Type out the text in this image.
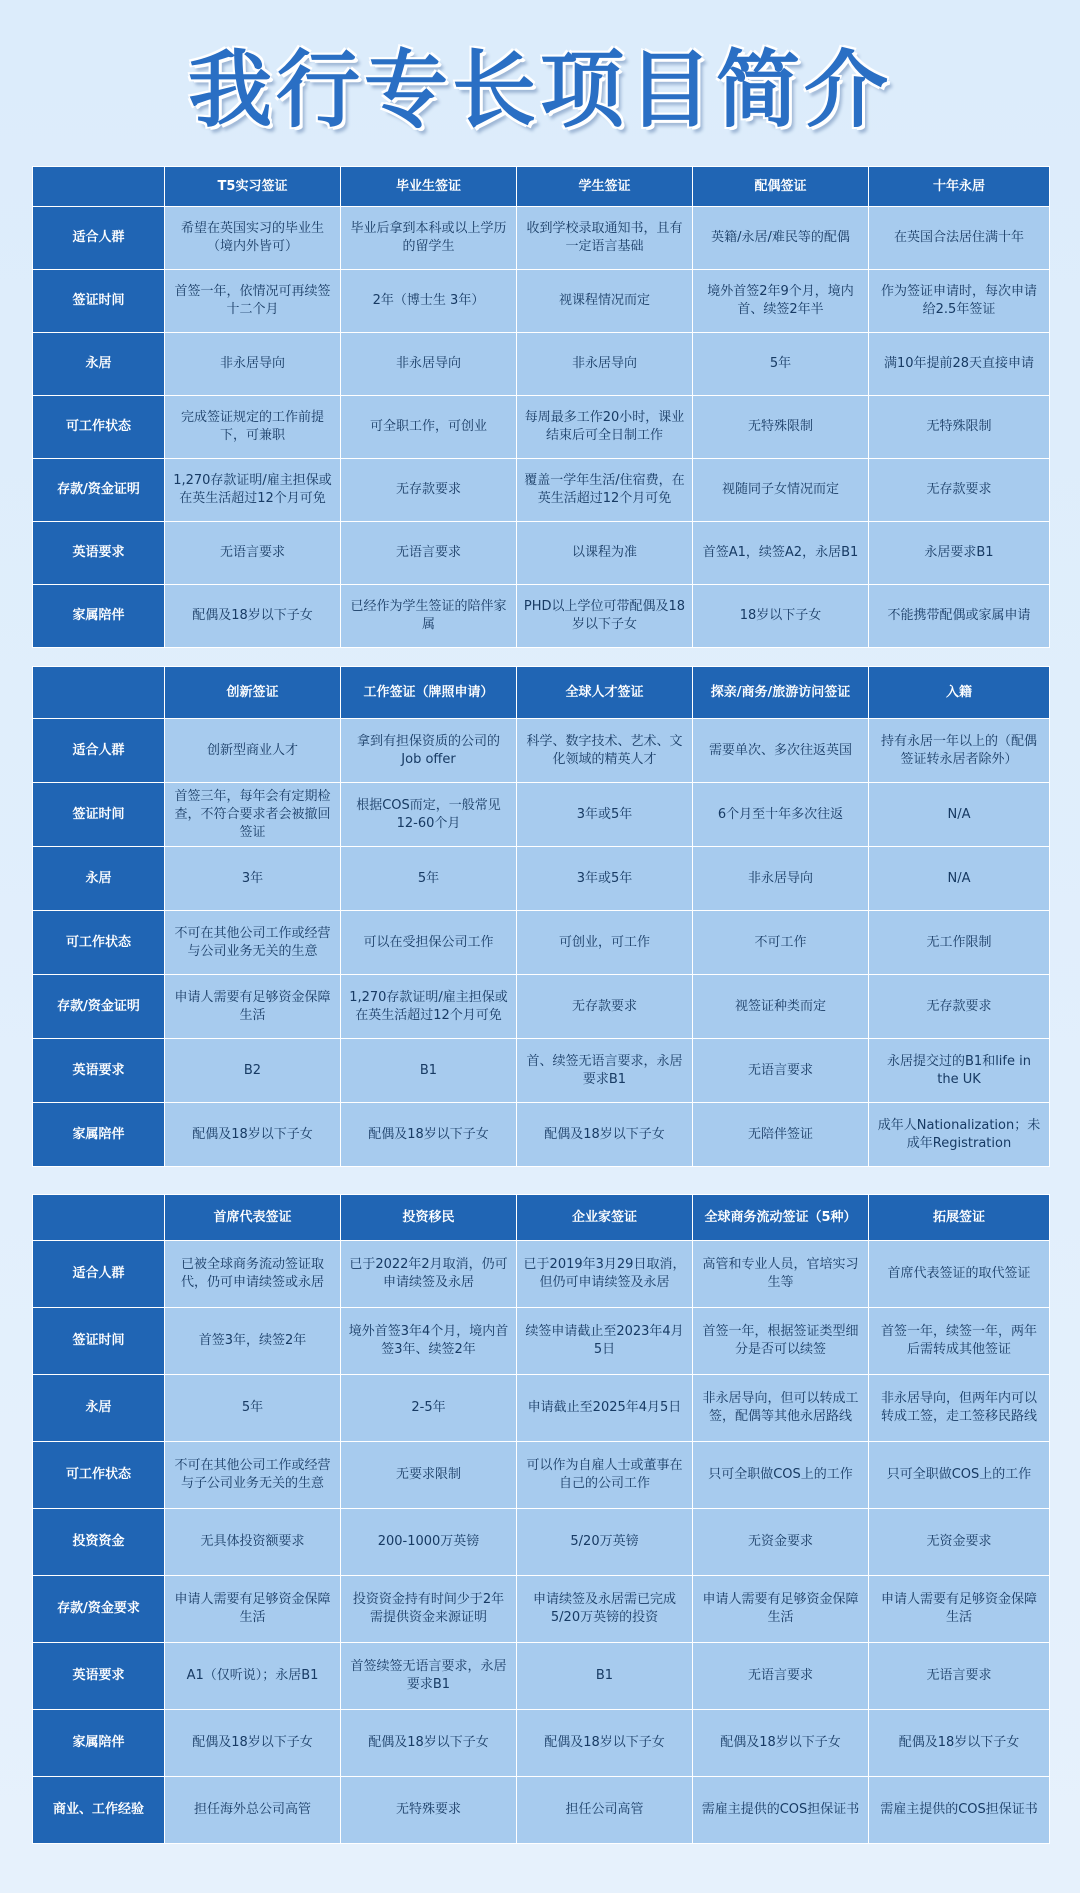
我行专长项目简介
	T5实习签证	毕业生签证	学生签证	配偶签证	十年永居
适合人群	希望在英国实习的毕业生（境内外皆可）	毕业后拿到本科或以上学历的留学生	收到学校录取通知书，且有一定语言基础	英籍/永居/难民等的配偶	在英国合法居住满十年
签证时间	首签一年，依情况可再续签十二个月	2年（博士生 3年）	视课程情况而定	境外首签2年9个月，境内首、续签2年半	作为签证申请时，每次申请给2.5年签证
永居	非永居导向	非永居导向	非永居导向	5年	满10年提前28天直接申请
可工作状态	完成签证规定的工作前提下，可兼职	可全职工作，可创业	每周最多工作20小时，课业结束后可全日制工作	无特殊限制	无特殊限制
存款/资金证明	1,270存款证明/雇主担保或在英生活超过12个月可免	无存款要求	覆盖一学年生活/住宿费，在英生活超过12个月可免	视随同子女情况而定	无存款要求
英语要求	无语言要求	无语言要求	以课程为准	首签A1，续签A2，永居B1	永居要求B1
家属陪伴	配偶及18岁以下子女	已经作为学生签证的陪伴家属	PHD以上学位可带配偶及18岁以下子女	18岁以下子女	不能携带配偶或家属申请
	创新签证	工作签证（牌照申请）	全球人才签证	探亲/商务/旅游访问签证	入籍
适合人群	创新型商业人才	拿到有担保资质的公司的Job offer	科学、数字技术、艺术、文化领域的精英人才	需要单次、多次往返英国	持有永居一年以上的（配偶签证转永居者除外）
签证时间	首签三年，每年会有定期检查，不符合要求者会被撤回签证	根据COS而定，一般常见12-60个月	3年或5年	6个月至十年多次往返	N/A
永居	3年	5年	3年或5年	非永居导向	N/A
可工作状态	不可在其他公司工作或经营与公司业务无关的生意	可以在受担保公司工作	可创业，可工作	不可工作	无工作限制
存款/资金证明	申请人需要有足够资金保障生活	1,270存款证明/雇主担保或在英生活超过12个月可免	无存款要求	视签证种类而定	无存款要求
英语要求	B2	B1	首、续签无语言要求，永居要求B1	无语言要求	永居提交过的B1和life in the UK
家属陪伴	配偶及18岁以下子女	配偶及18岁以下子女	配偶及18岁以下子女	无陪伴签证	成年人Nationalization；未成年Registration
	首席代表签证	投资移民	企业家签证	全球商务流动签证（5种）	拓展签证
适合人群	已被全球商务流动签证取代，仍可申请续签或永居	已于2022年2月取消，仍可申请续签及永居	已于2019年3月29日取消，但仍可申请续签及永居	高管和专业人员，官培实习生等	首席代表签证的取代签证
签证时间	首签3年，续签2年	境外首签3年4个月，境内首签3年、续签2年	续签申请截止至2023年4月5日	首签一年，根据签证类型细分是否可以续签	首签一年，续签一年，两年后需转成其他签证
永居	5年	2-5年	申请截止至2025年4月5日	非永居导向，但可以转成工签，配偶等其他永居路线	非永居导向，但两年内可以转成工签，走工签移民路线
可工作状态	不可在其他公司工作或经营与子公司业务无关的生意	无要求限制	可以作为自雇人士或董事在自己的公司工作	只可全职做COS上的工作	只可全职做COS上的工作
投资资金	无具体投资额要求	200-1000万英镑	5/20万英镑	无资金要求	无资金要求
存款/资金要求	申请人需要有足够资金保障生活	投资资金持有时间少于2年需提供资金来源证明	申请续签及永居需已完成5/20万英镑的投资	申请人需要有足够资金保障生活	申请人需要有足够资金保障生活
英语要求	A1（仅听说）；永居B1	首签续签无语言要求，永居要求B1	B1	无语言要求	无语言要求
家属陪伴	配偶及18岁以下子女	配偶及18岁以下子女	配偶及18岁以下子女	配偶及18岁以下子女	配偶及18岁以下子女
商业、工作经验	担任海外总公司高管	无特殊要求	担任公司高管	需雇主提供的COS担保证书	需雇主提供的COS担保证书
